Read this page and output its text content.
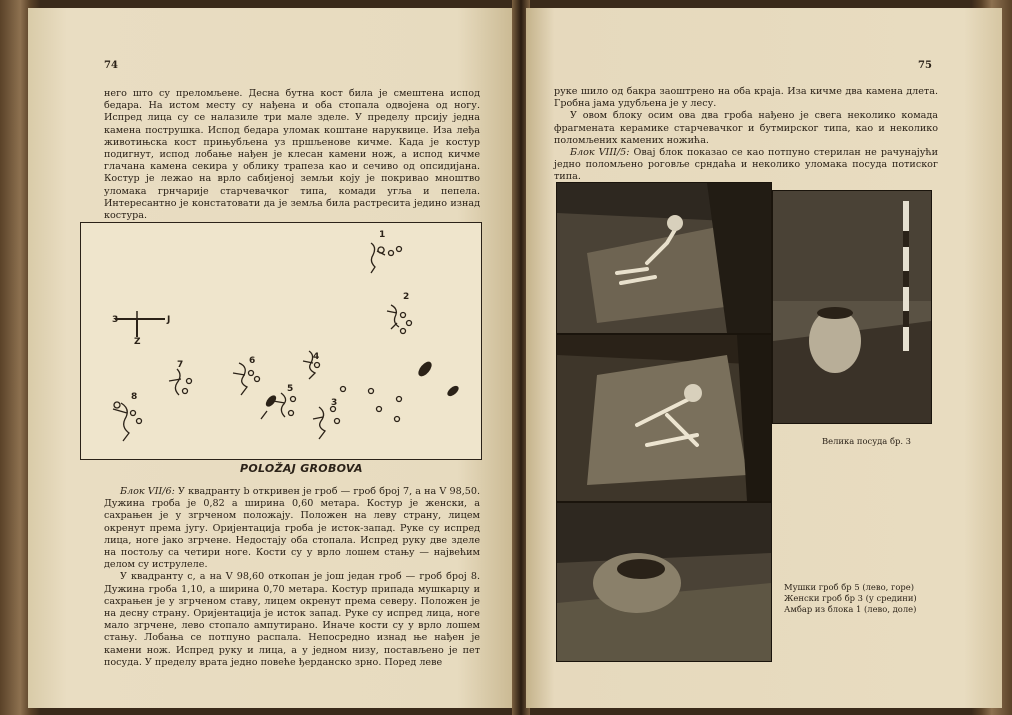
74

него што су преломљене. Десна бутна кост била је смештена испод бедара. На истом месту су нађена и оба стопала одвојена од ногу. Испред лица су се налазиле три мале зделе. У пределу прсију једна камена пострушка. Испод бедара уломак коштане наруквице. Иза леђа животињска кост прињубљена уз пршљенове кичме. Када је костур подигнут, испод лобање нађен је клесан камени нож, а испод кичме глачана камена секира у облику трапеза као и сечиво од опсидијана. Костур је лежао на врло сабијеној земљи коју је покривао мноштво уломака грнчарије старчевачког типа, комади угља и пепела. Интересантно је констатовати да је земља била растресита једино изнад костура.

3	J
Z
1
2
3
4
5
6
7
8
POLOŽAJ GROBOVA

Блок VII/6: У квадранту b откривен је гроб — гроб број 7, а на V 98,50. Дужина гроба је 0,82 а ширина 0,60 метара. Костур је женски, а сахрањен је у згрченом положају. Положен на леву страну, лицем окренут према југу. Оријентација гроба је исток-запад. Руке су испред лица, ноге јако згрчене. Недостају оба стопала. Испред руку две зделе на постољу са четири ноге. Кости су у врло лошем стању — највећим делом су иструлеле.

У квадранту c, а на V 98,60 откопан је још један гроб — гроб број 8. Дужина гроба 1,10, а ширина 0,70 метара. Костур припада мушкарцу и сахрањен је у згрченом ставу, лицем окренут према северу. Положен је на десну страну. Оријентација је исток запад. Руке су испред лица, ноге мало згрчене, лево стопало ампутирано. Иначе кости су у врло лошем стању. Лобања се потпуно распала. Непосредно изнад ње нађен је камени нож. Испред руку и лица, а у једном низу, постављено је пет посуда. У пределу врата једно повеће ђерданско зрно. Поред леве

75

руке шило од бакра заоштрено на оба краја. Иза кичме два камена длета. Гробна јама удубљена је у лесу.

У овом блоку осим ова два гроба нађено је свега неколико комада фрагмената керамике старчевачког и бутмирског типа, као и неколико поломљених камених ножића.

Блок VIII/5: Овај блок показао се као потпуно стерилан не рачунајући једно поломљено роговље срндаћа и неколико уломака посуда потиског типа.

Велика посуда бр. 3
Мушки гроб бр 5 (лево, горе)
Женски гроб бр 3 (у средини)
Амбар из блока 1 (лево, доле)
